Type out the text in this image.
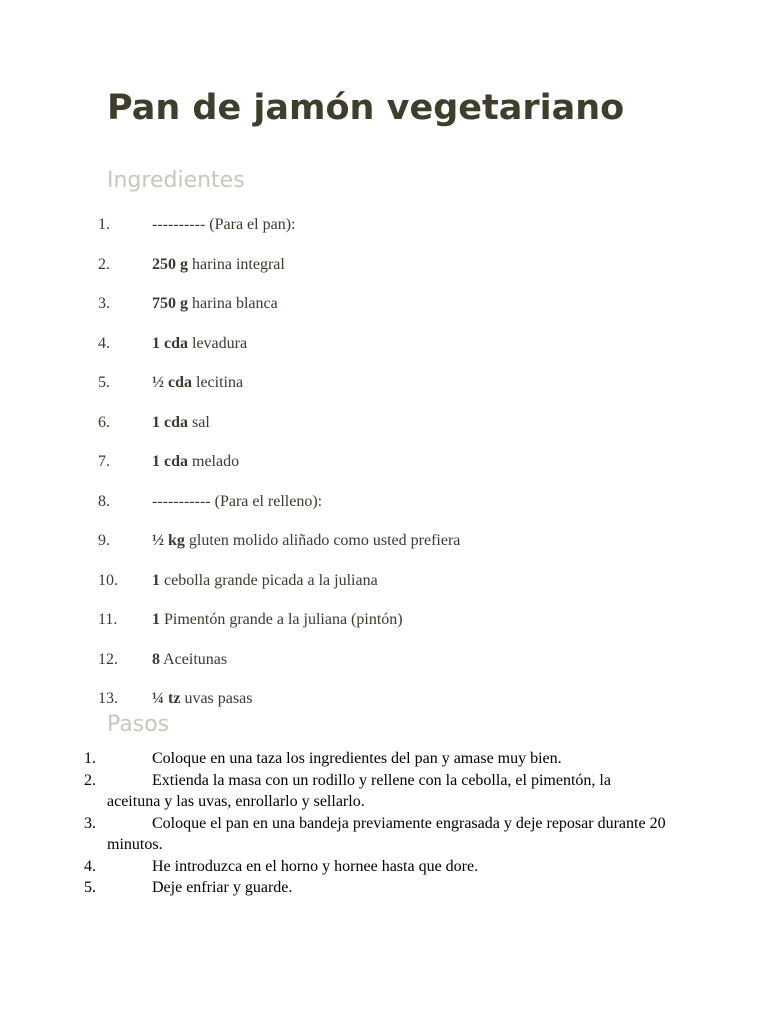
Pan de jamón vegetariano
Ingredientes
1.	---------- (Para el pan):
2.	250 g harina integral
3.	750 g harina blanca
4.	1 cda levadura
5.	½ cda lecitina
6.	1 cda sal
7.	1 cda melado
8.	----------- (Para el relleno):
9.	½ kg gluten molido aliñado como usted prefiera
10. 1 cebolla grande picada a la juliana
11. 1 Pimentón grande a la juliana (pintón)
12. 8 Aceitunas
13. ¼ tz uvas pasas
Pasos
1.	Coloque en una taza los ingredientes del pan y amase muy bien.
2.	Extienda la masa con un rodillo y rellene con la cebolla, el pimentón, la aceituna y las uvas, enrollarlo y sellarlo.
3.	Coloque el pan en una bandeja previamente engrasada y deje reposar durante 20 minutos.
4.	He introduzca en el horno y hornee hasta que dore.
5.	Deje enfriar y guarde.
